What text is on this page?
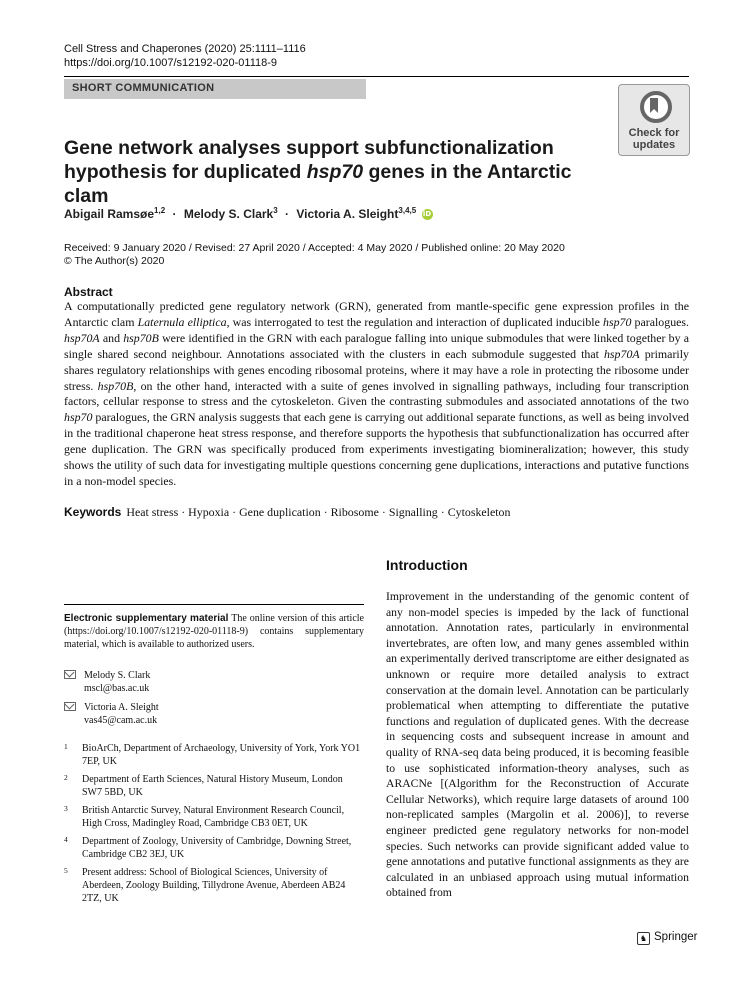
Cell Stress and Chaperones (2020) 25:1111–1116
https://doi.org/10.1007/s12192-020-01118-9
SHORT COMMUNICATION
Check for
updates
Gene network analyses support subfunctionalization hypothesis for duplicated hsp70 genes in the Antarctic clam
Abigail Ramsøe$^{1,2}$ · Melody S. Clark$^3$ · Victoria A. Sleight$^{3,4,5}$ iD
Received: 9 January 2020 / Revised: 27 April 2020 / Accepted: 4 May 2020 / Published online: 20 May 2020
© The Author(s) 2020
Abstract
A computationally predicted gene regulatory network (GRN), generated from mantle-specific gene expression profiles in the Antarctic clam Laternula elliptica, was interrogated to test the regulation and interaction of duplicated inducible hsp70 paralogues. hsp70A and hsp70B were identified in the GRN with each paralogue falling into unique submodules that were linked together by a single shared second neighbour. Annotations associated with the clusters in each submodule suggested that hsp70A primarily shares regulatory relationships with genes encoding ribosomal proteins, where it may have a role in protecting the ribosome under stress. hsp70B, on the other hand, interacted with a suite of genes involved in signalling pathways, including four transcription factors, cellular response to stress and the cytoskeleton. Given the contrasting submodules and associated annotations of the two hsp70 paralogues, the GRN analysis suggests that each gene is carrying out additional separate functions, as well as being involved in the traditional chaperone heat stress response, and therefore supports the hypothesis that subfunctionalization has occurred after gene duplication. The GRN was specifically produced from experiments investigating biomineralization; however, this study shows the utility of such data for investigating multiple questions concerning gene duplications, interactions and putative functions in a non-model species.
Keywords Heat stress · Hypoxia · Gene duplication · Ribosome · Signalling · Cytoskeleton
Introduction
Improvement in the understanding of the genomic content of any non-model species is impeded by the lack of functional annotation. Annotation rates, particularly in environmental invertebrates, are often low, and many genes assembled within an experimentally derived transcriptome are either designated as unknown or require more detailed analysis to extract conservation at the domain level. Annotation can be particularly problematical when attempting to differentiate the putative functions and regulation of duplicated genes. With the decrease in sequencing costs and subsequent increase in amount and quality of RNA-seq data being produced, it is becoming feasible to use sophisticated information-theory analyses, such as ARACNe [(Algorithm for the Reconstruction of Accurate Cellular Networks), which require large datasets of around 100 non-replicated samples (Margolin et al. 2006)], to reverse engineer predicted gene regulatory networks for non-model species. Such networks can provide significant added value to gene annotations and putative functional assignments as they are calculated in an unbiased approach using mutual information obtained from
Electronic supplementary material The online version of this article (https://doi.org/10.1007/s12192-020-01118-9) contains supplementary material, which is available to authorized users.
Melody S. Clark
mscl@bas.ac.uk
Victoria A. Sleight
vas45@cam.ac.uk
1 BioArCh, Department of Archaeology, University of York, York YO1 7EP, UK
2 Department of Earth Sciences, Natural History Museum, London SW7 5BD, UK
3 British Antarctic Survey, Natural Environment Research Council, High Cross, Madingley Road, Cambridge CB3 0ET, UK
4 Department of Zoology, University of Cambridge, Downing Street, Cambridge CB2 3EJ, UK
5 Present address: School of Biological Sciences, University of Aberdeen, Zoology Building, Tillydrone Avenue, Aberdeen AB24 2TZ, UK
♞ Springer
